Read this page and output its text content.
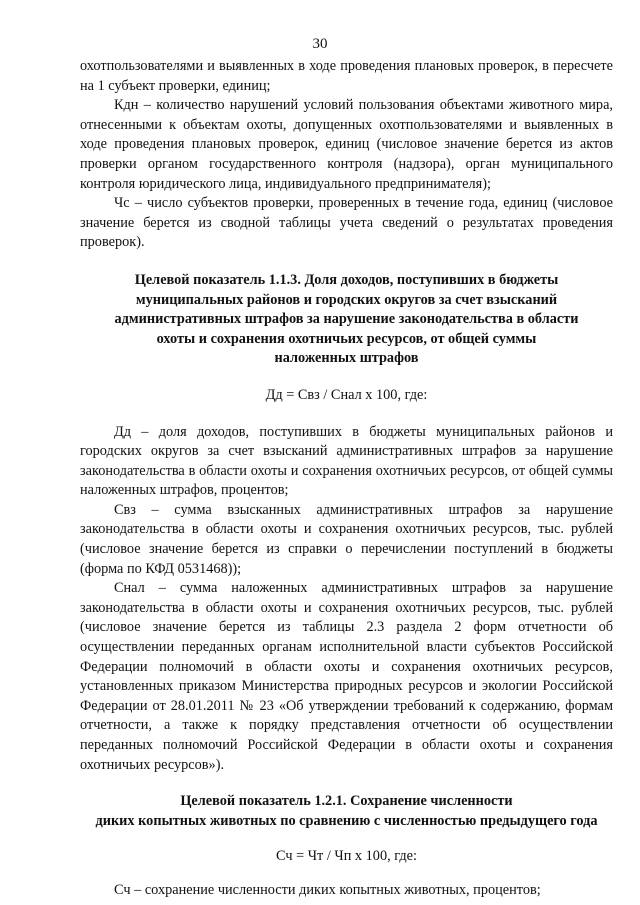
30

охотпользователями и выявленных в ходе проведения плановых проверок, в пересчете на 1 субъект проверки, единиц;

Кдн – количество нарушений условий пользования объектами животного мира, отнесенными к объектам охоты, допущенных охотпользователями и выявленных в ходе проведения плановых проверок, единиц (числовое значение берется из актов проверки органом государственного контроля (надзора), орган муниципального контроля юридического лица, индивидуального предпринимателя);

Чс – число субъектов проверки, проверенных в течение года, единиц (числовое значение берется из сводной таблицы учета сведений о результатах проведения проверок).

Целевой показатель 1.1.3. Доля доходов, поступивших в бюджеты
муниципальных районов и городских округов за счет взысканий
административных штрафов за нарушение законодательства в области
охоты и сохранения охотничьих ресурсов, от общей суммы
наложенных штрафов
Дд = Свз / Снал х 100, где:

Дд – доля доходов, поступивших в бюджеты муниципальных районов и городских округов за счет взысканий административных штрафов за нарушение законодательства в области охоты и сохранения охотничьих ресурсов, от общей суммы наложенных штрафов, процентов;

Свз – сумма взысканных административных штрафов за нарушение законодательства в области охоты и сохранения охотничьих ресурсов, тыс. рублей (числовое значение берется из справки о перечислении поступлений в бюджеты (форма по КФД 0531468));

Снал – сумма наложенных административных штрафов за нарушение законодательства в области охоты и сохранения охотничьих ресурсов, тыс. рублей (числовое значение берется из таблицы 2.3 раздела 2 форм отчетности об осуществлении переданных органам исполнительной власти субъектов Российской Федерации полномочий в области охоты и сохранения охотничьих ресурсов, установленных приказом Министерства природных ресурсов и экологии Российской Федерации от 28.01.2011 № 23 «Об утверждении требований к содержанию, формам отчетности, а также к порядку представления отчетности об осуществлении переданных полномочий Российской Федерации в области охоты и сохранения охотничьих ресурсов»).

Целевой показатель 1.2.1. Сохранение численности
диких копытных животных по сравнению с численностью предыдущего года
Сч = Чт / Чп х 100, где:

Сч – сохранение численности диких копытных животных, процентов;
